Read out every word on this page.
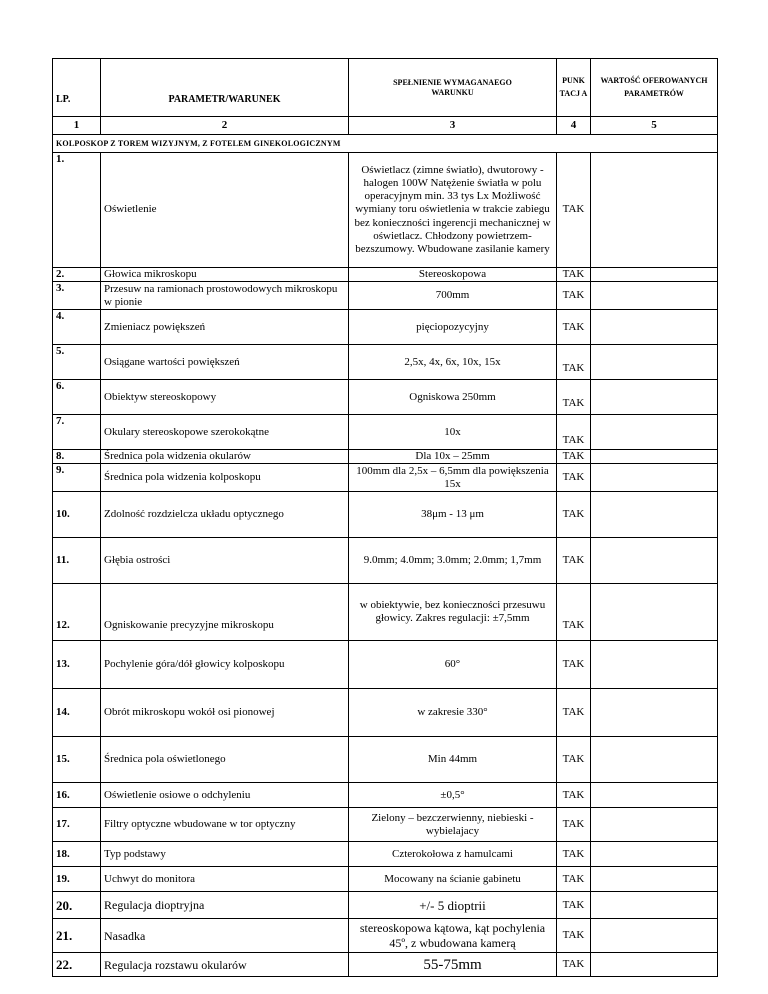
LP.	PARAMETR/WARUNEK	SPEŁNIENIE WYMAGANAEGO WARUNKU	PUNK TACJ A	WARTOŚĆ OFEROWANYCH PARAMETRÓW
1	2	3	4	5
KOLPOSKOP Z TOREM WIZYJNYM, Z FOTELEM GINEKOLOGICZNYM				
1.	Oświetlenie	Oświetlacz (zimne światło), dwutorowy - halogen 100W Natężenie światła w polu operacyjnym min. 33 tys Lx Możliwość wymiany toru oświetlenia w trakcie zabiegu bez konieczności ingerencji mechanicznej w oświetlacz. Chłodzony powietrzem-bezszumowy. Wbudowane zasilanie kamery	TAK	
2.	Głowica mikroskopu	Stereoskopowa	TAK	
3.	Przesuw na ramionach prostowodowych mikroskopu w pionie	700mm	TAK	
4.	Zmieniacz powiększeń	pięciopozycyjny	TAK	
5.	Osiągane wartości powiększeń	2,5x, 4x, 6x, 10x, 15x	TAK	
6.	Obiektyw stereoskopowy	Ogniskowa 250mm	TAK	
7.	Okulary stereoskopowe szerokokątne	10x	TAK	
8.	Średnica pola widzenia okularów	Dla 10x – 25mm	TAK	
9.	Średnica pola widzenia kolposkopu	100mm dla 2,5x – 6,5mm dla powiększenia 15x	TAK	
10.	Zdolność rozdzielcza układu optycznego	38μm - 13 μm	TAK	
11.	Głębia ostrości	9.0mm; 4.0mm; 3.0mm; 2.0mm; 1,7mm	TAK	
12.	Ogniskowanie precyzyjne mikroskopu	w obiektywie, bez konieczności przesuwu głowicy. Zakres regulacji: ±7,5mm	TAK	
13.	Pochylenie góra/dół głowicy kolposkopu	60°	TAK	
14.	Obrót mikroskopu wokół osi pionowej	w zakresie 330°	TAK	
15.	Średnica pola oświetlonego	Min 44mm	TAK	
16.	Oświetlenie osiowe o odchyleniu	±0,5°	TAK	
17.	Filtry optyczne wbudowane w tor optyczny	Zielony – bezczerwienny, niebieski - wybielajacy	TAK	
18.	Typ podstawy	Czterokołowa z hamulcami	TAK	
19.	Uchwyt do monitora	Mocowany na ścianie gabinetu	TAK	
20.	Regulacja dioptryjna	+/- 5 dioptrii	TAK	
21.	Nasadka	stereoskopowa kątowa, kąt pochylenia 45º, z wbudowana kamerą	TAK	
22.	Regulacja rozstawu okularów	55-75mm	TAK	
